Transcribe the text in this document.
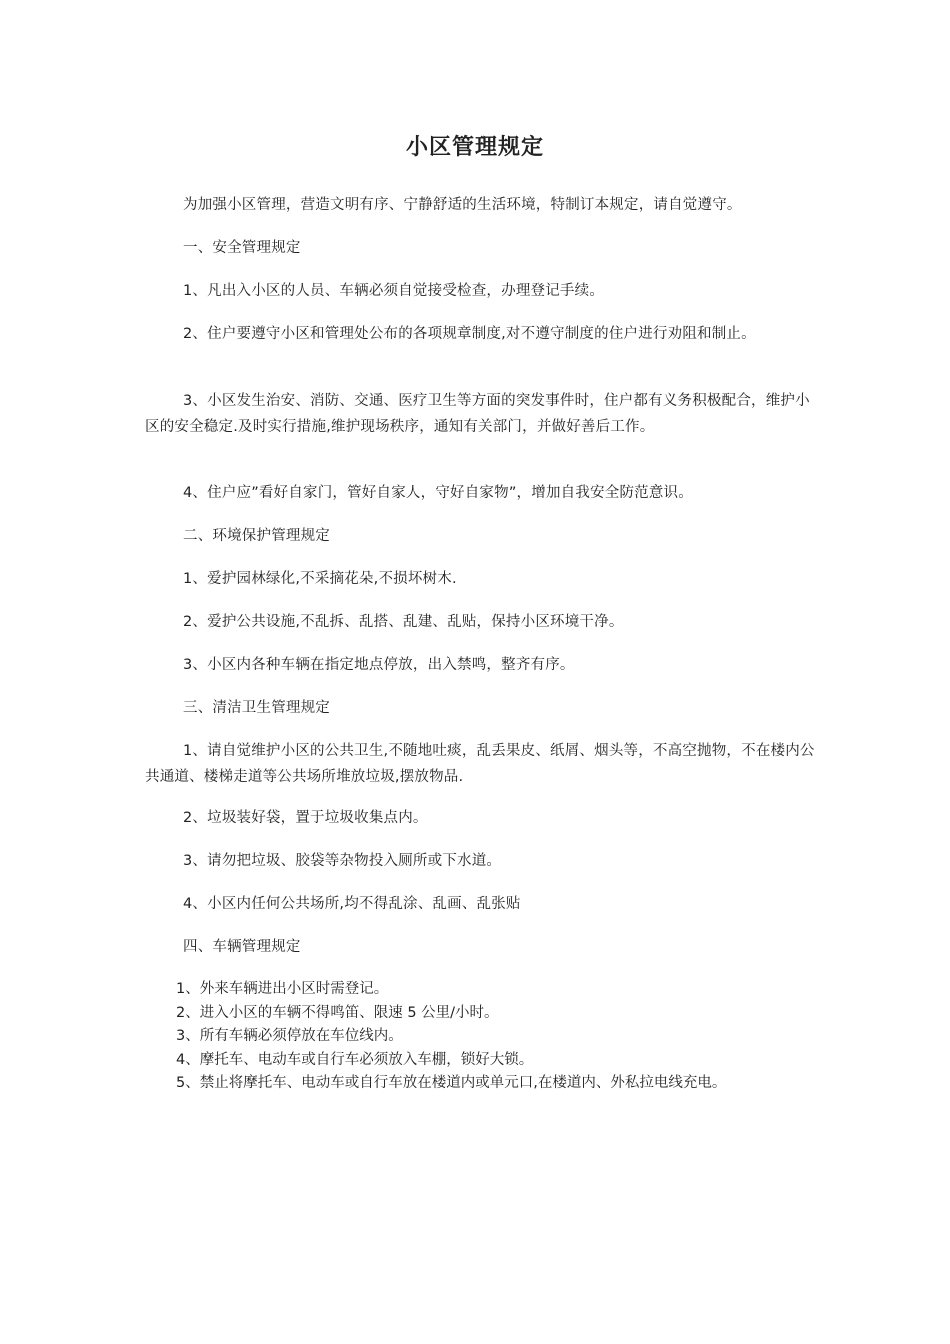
小区管理规定
为加强小区管理，营造文明有序、宁静舒适的生活环境，特制订本规定，请自觉遵守。
一、安全管理规定
1、凡出入小区的人员、车辆必须自觉接受检查，办理登记手续。
2、住户要遵守小区和管理处公布的各项规章制度,对不遵守制度的住户进行劝阻和制止。
3、小区发生治安、消防、交通、医疗卫生等方面的突发事件时，住户都有义务积极配合，维护小区的安全稳定.及时实行措施,维护现场秩序，通知有关部门，并做好善后工作。
4、住户应”看好自家门，管好自家人，守好自家物”，增加自我安全防范意识。
二、环境保护管理规定
1、爱护园林绿化,不采摘花朵,不损坏树木.
2、爱护公共设施,不乱拆、乱搭、乱建、乱贴，保持小区环境干净。
3、小区内各种车辆在指定地点停放，出入禁鸣，整齐有序。
三、清洁卫生管理规定
1、请自觉维护小区的公共卫生,不随地吐痰，乱丢果皮、纸屑、烟头等，不高空抛物，不在楼内公共通道、楼梯走道等公共场所堆放垃圾,摆放物品.
2、垃圾装好袋，置于垃圾收集点内。
3、请勿把垃圾、胶袋等杂物投入厕所或下水道。
4、小区内任何公共场所,均不得乱涂、乱画、乱张贴
四、车辆管理规定
1、外来车辆进出小区时需登记。
2、进入小区的车辆不得鸣笛、限速 5 公里/小时。
3、所有车辆必须停放在车位线内。
4、摩托车、电动车或自行车必须放入车棚，锁好大锁。
5、禁止将摩托车、电动车或自行车放在楼道内或单元口,在楼道内、外私拉电线充电。
